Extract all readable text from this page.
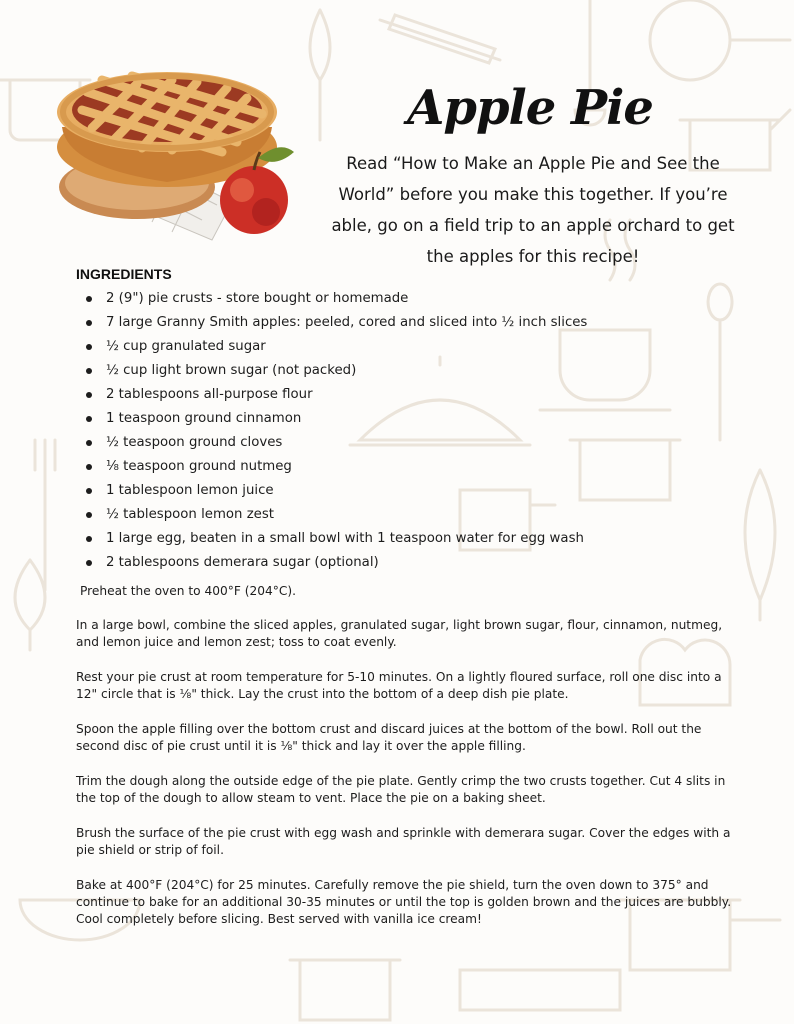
Apple Pie

Read “How to Make an Apple Pie and See the World” before you make this together. If you’re able, go on a field trip to an apple orchard to get the apples for this recipe!

INGREDIENTS
2 (9") pie crusts - store bought or homemade
7 large Granny Smith apples: peeled, cored and sliced into ½ inch slices
½ cup granulated sugar
½ cup light brown sugar (not packed)
2 tablespoons all-purpose flour
1 teaspoon ground cinnamon
½ teaspoon ground cloves
⅛ teaspoon ground nutmeg
1 tablespoon lemon juice
½ tablespoon lemon zest
1 large egg, beaten in a small bowl with 1 teaspoon water for egg wash
2 tablespoons demerara sugar (optional)

Preheat the oven to 400°F (204°C).

In a large bowl, combine the sliced apples, granulated sugar, light brown sugar, flour, cinnamon, nutmeg, and lemon juice and lemon zest; toss to coat evenly.

Rest your pie crust at room temperature for 5-10 minutes. On a lightly floured surface, roll one disc into a 12" circle that is ⅛" thick. Lay the crust into the bottom of a deep dish pie plate.

Spoon the apple filling over the bottom crust and discard juices at the bottom of the bowl. Roll out the second disc of pie crust until it is ⅛" thick and lay it over the apple filling.

Trim the dough along the outside edge of the pie plate. Gently crimp the two crusts together. Cut 4 slits in the top of the dough to allow steam to vent. Place the pie on a baking sheet.

Brush the surface of the pie crust with egg wash and sprinkle with demerara sugar. Cover the edges with a pie shield or strip of foil.

Bake at 400°F (204°C) for 25 minutes. Carefully remove the pie shield, turn the oven down to 375° and continue to bake for an additional 30-35 minutes or until the top is golden brown and the juices are bubbly. Cool completely before slicing. Best served with vanilla ice cream!
